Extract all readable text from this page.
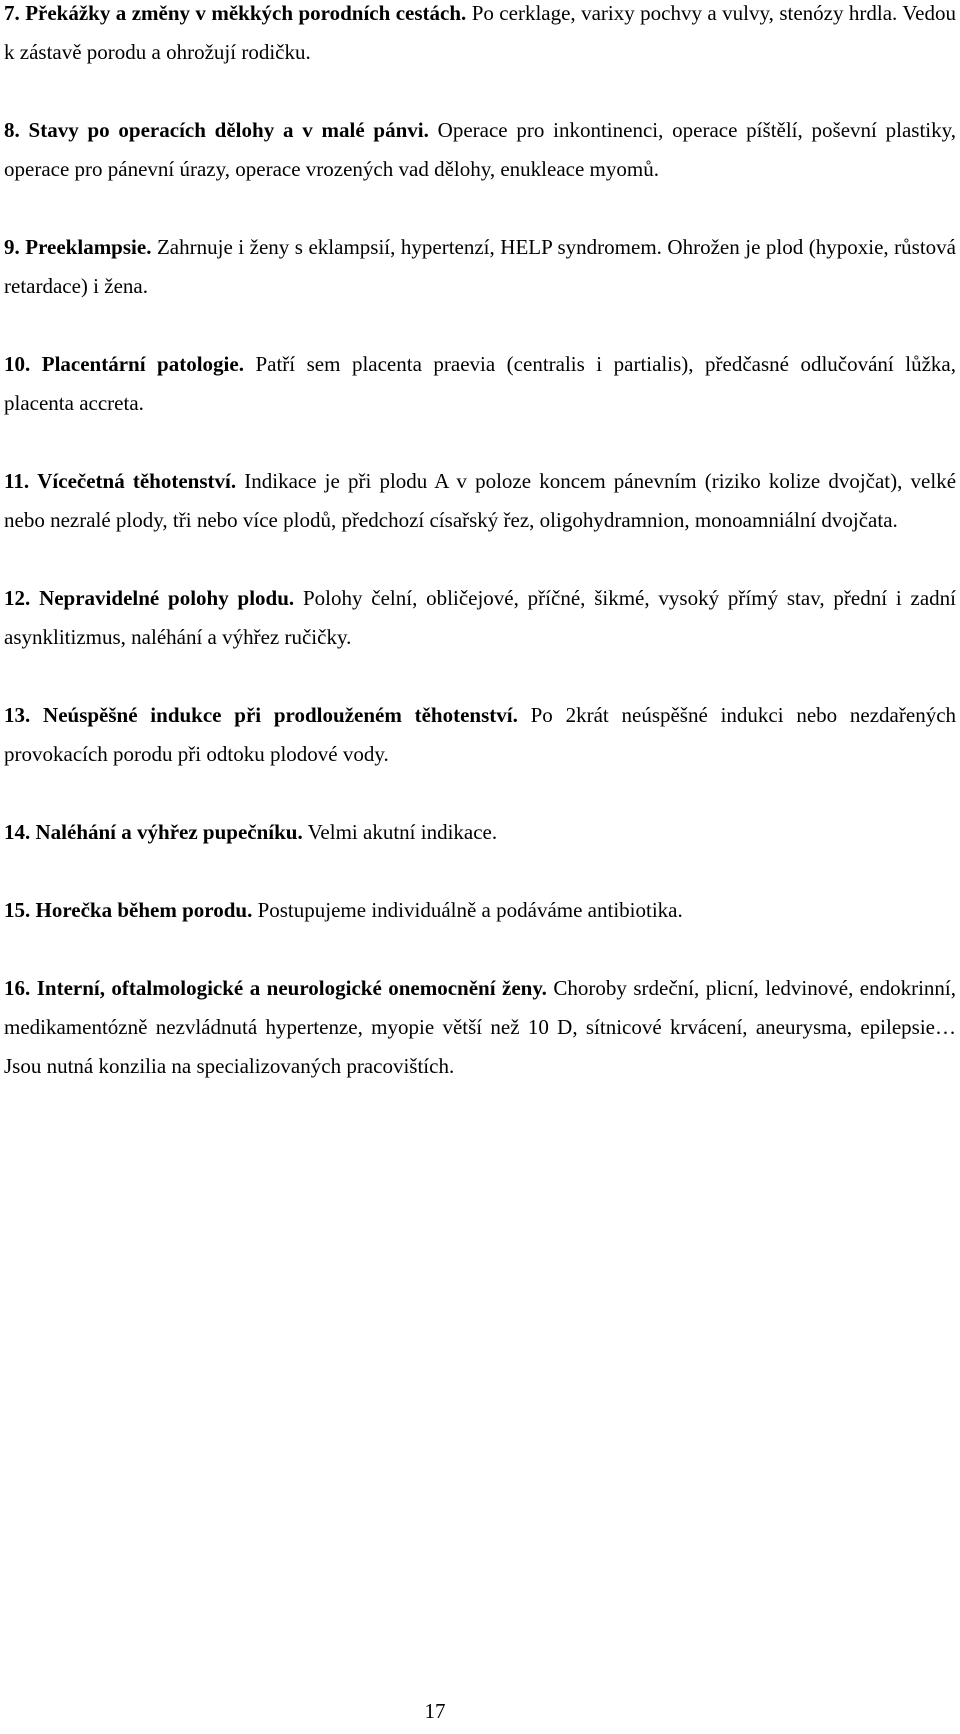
7. Překážky a změny v měkkých porodních cestách. Po cerklage, varixy pochvy a vulvy, stenózy hrdla. Vedou k zástavě porodu a ohrožují rodičku.

8. Stavy po operacích dělohy a v malé pánvi. Operace pro inkontinenci, operace píštělí, poševní plastiky, operace pro pánevní úrazy, operace vrozených vad dělohy, enukleace myomů.

9. Preeklampsie. Zahrnuje i ženy s eklampsií, hypertenzí, HELP syndromem. Ohrožen je plod (hypoxie, růstová retardace) i žena.

10. Placentární patologie. Patří sem placenta praevia (centralis i partialis), předčasné odlučování lůžka, placenta accreta.

11. Vícečetná těhotenství. Indikace je při plodu A v poloze koncem pánevním (riziko kolize dvojčat), velké nebo nezralé plody, tři nebo více plodů, předchozí císařský řez, oligohydramnion, monoamniální dvojčata.

12. Nepravidelné polohy plodu. Polohy čelní, obličejové, příčné, šikmé, vysoký přímý stav, přední i zadní asynklitizmus, naléhání a výhřez ručičky.

13. Neúspěšné indukce při prodlouženém těhotenství. Po 2krát neúspěšné indukci nebo nezdařených provokacích porodu při odtoku plodové vody.

14. Naléhání a výhřez pupečníku. Velmi akutní indikace.

15. Horečka během porodu. Postupujeme individuálně a podáváme antibiotika.

16. Interní, oftalmologické a neurologické onemocnění ženy. Choroby srdeční, plicní, ledvinové, endokrinní, medikamentózně nezvládnutá hypertenze, myopie větší než 10 D, sítnicové krvácení, aneurysma, epilepsie… Jsou nutná konzilia na specializovaných pracovištích.

17
